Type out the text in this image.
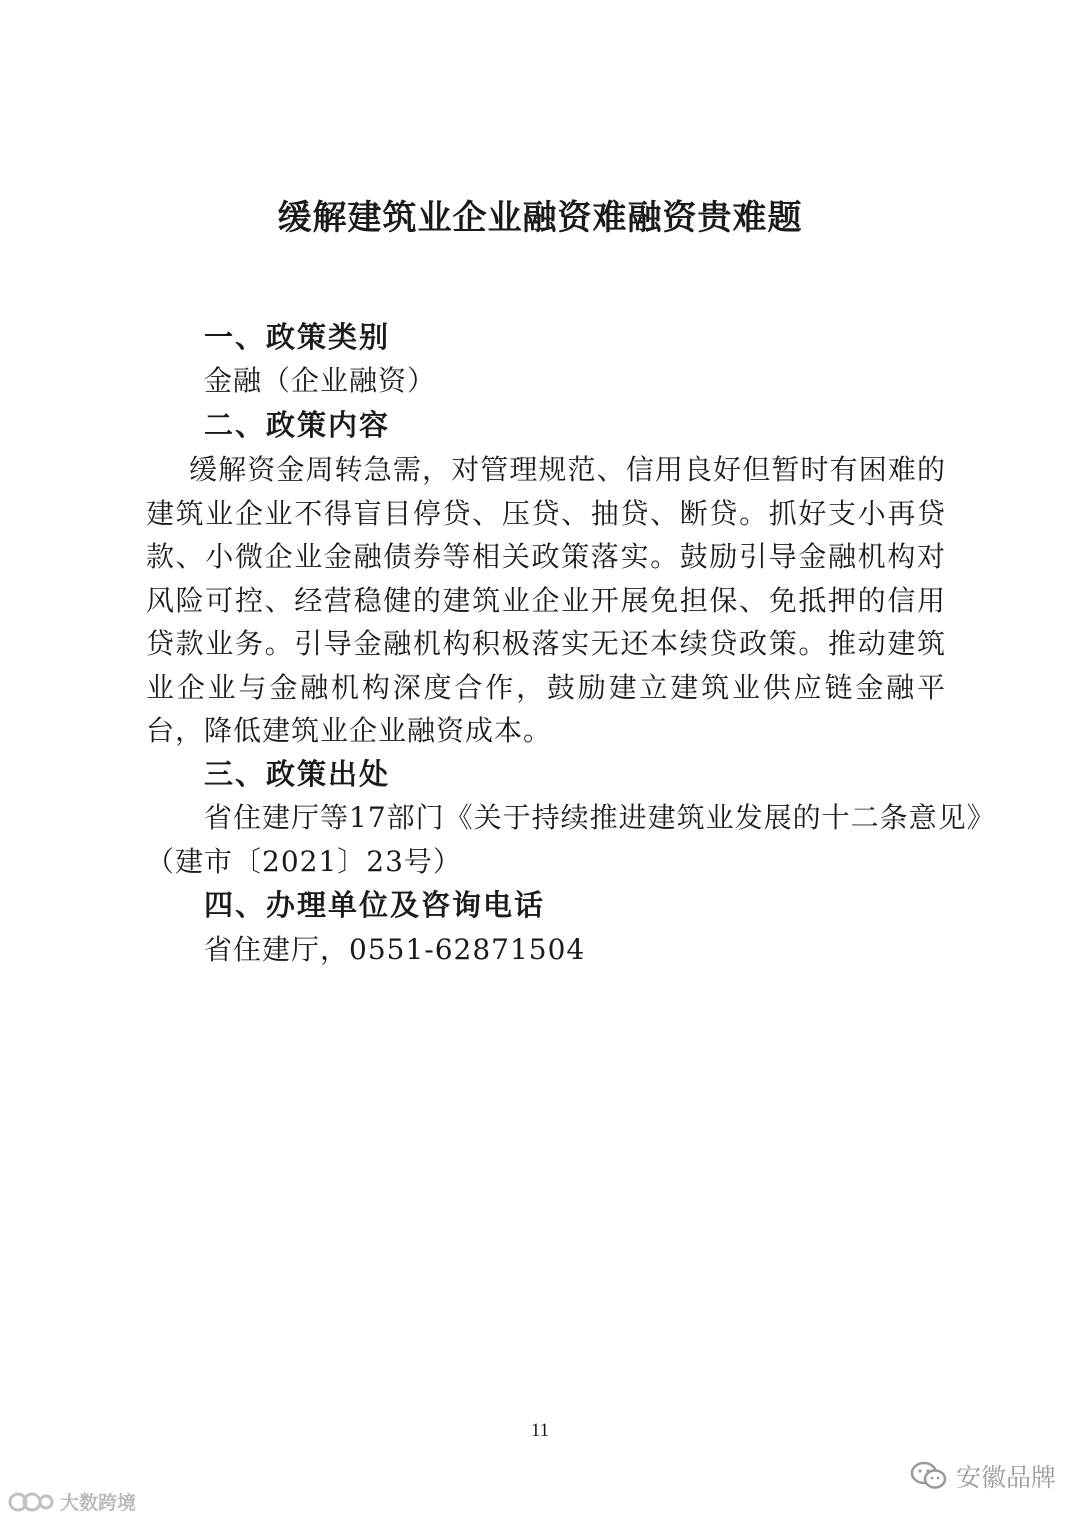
缓解建筑业企业融资难融资贵难题
一、政策类别
金融（企业融资）
二、政策内容
缓解资金周转急需，对管理规范、信用良好但暂时有困难的建筑业企业不得盲目停贷、压贷、抽贷、断贷。抓好支小再贷款、小微企业金融债券等相关政策落实。鼓励引导金融机构对风险可控、经营稳健的建筑业企业开展免担保、免抵押的信用贷款业务。引导金融机构积极落实无还本续贷政策。推动建筑业企业与金融机构深度合作，鼓励建立建筑业供应链金融平台，降低建筑业企业融资成本。
三、政策出处
省住建厅等17部门《关于持续推进建筑业发展的十二条意见》
（建市〔2021〕23号）
四、办理单位及咨询电话
省住建厅，0551-62871504
11
大数跨境
安徽品牌
